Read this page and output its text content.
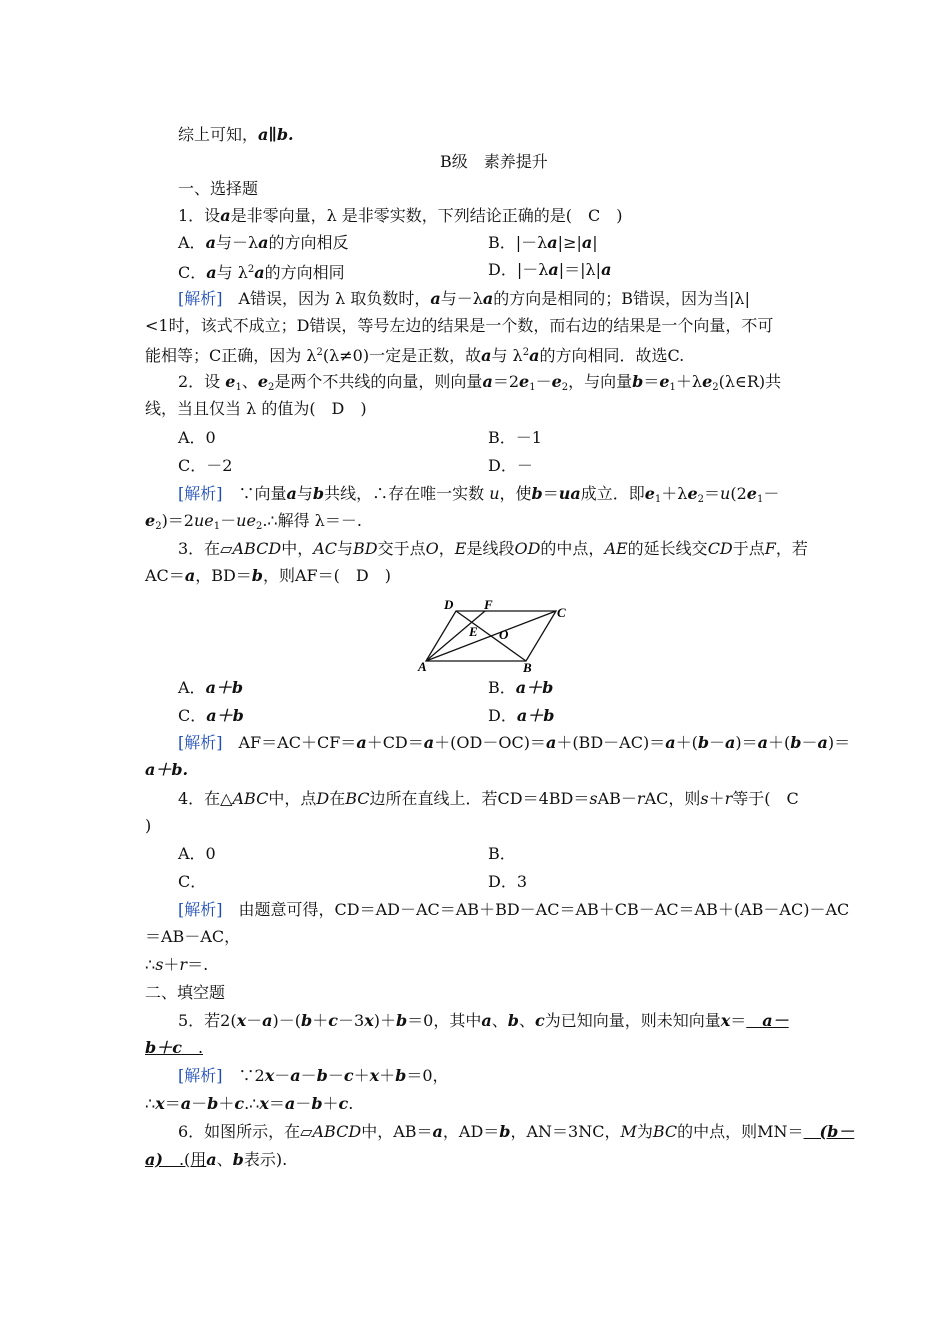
综上可知，a∥b.
B级　素养提升
一、选择题
1．设a是非零向量，λ 是非零实数，下列结论正确的是(　C　)
A．a与－λa的方向相反	B．|－λa|≥|a|
C．a与 $\lambda^2a$的方向相同	D．|－λa|＝|λ|a
[解析]　A错误，因为 λ 取负数时，a与－λa的方向是相同的；B错误，因为当|λ|
<1时，该式不成立；D错误，等号左边的结果是一个数，而右边的结果是一个向量，不可
能相等；C正确，因为 $\lambda^2(\lambda\ne 0)$一定是正数，故a与 $\lambda^2a$的方向相同．故选C.
2．设 $e_1$、$e_2$是两个不共线的向量，则向量$a=2e_1-e_2$，与向量$b=e_1+\lambda e_2(\lambda\in R)$共
线，当且仅当 λ 的值为(　D　)
A．0	B．－1
C．－2	D．－
[解析]　∵向量a与b共线，∴存在唯一实数 u，使b＝ua成立．即$e_1+\lambda e_2=u(2e_1-$
$e_2)=2ue_1-ue_2.\therefore$解得 λ＝－.
3．在▱ABCD中，AC与BD交于点O，E是线段OD的中点，AE的延长线交CD于点F，若
AC＝a，BD＝b，则AF＝(　D　)
D F
C
E O
A	B
A．a＋b	B．a＋b
C．a＋b	D．a＋b
[解析]　AF＝AC＋CF＝a＋CD＝a＋(OD－OC)＝a＋(BD－AC)＝a＋(b－a)＝a＋(b－a)＝
a＋b.
4．在△ABC中，点D在BC边所在直线上．若CD＝4BD＝sAB－rAC，则s＋r等于(　C
)
A．0	B．
C．	D．3
[解析]　由题意可得，CD＝AD－AC＝AB＋BD－AC＝AB＋CB－AC＝AB＋(AB－AC)－AC
＝AB－AC，
∴s＋r＝.
二、填空题
5．若2(x－a)－(b＋c－3x)＋b＝0，其中a、b、c为已知向量，则未知向量x＝　a－
b＋c　.
[解析]　∵2x－a－b－c＋x＋b＝0，
∴x＝a－b＋c.∴x＝a－b＋c.
6．如图所示，在▱ABCD中，AB＝a，AD＝b，AN＝3NC，M为BC的中点，则MN＝　(b－
a)　.(用a、b表示).
